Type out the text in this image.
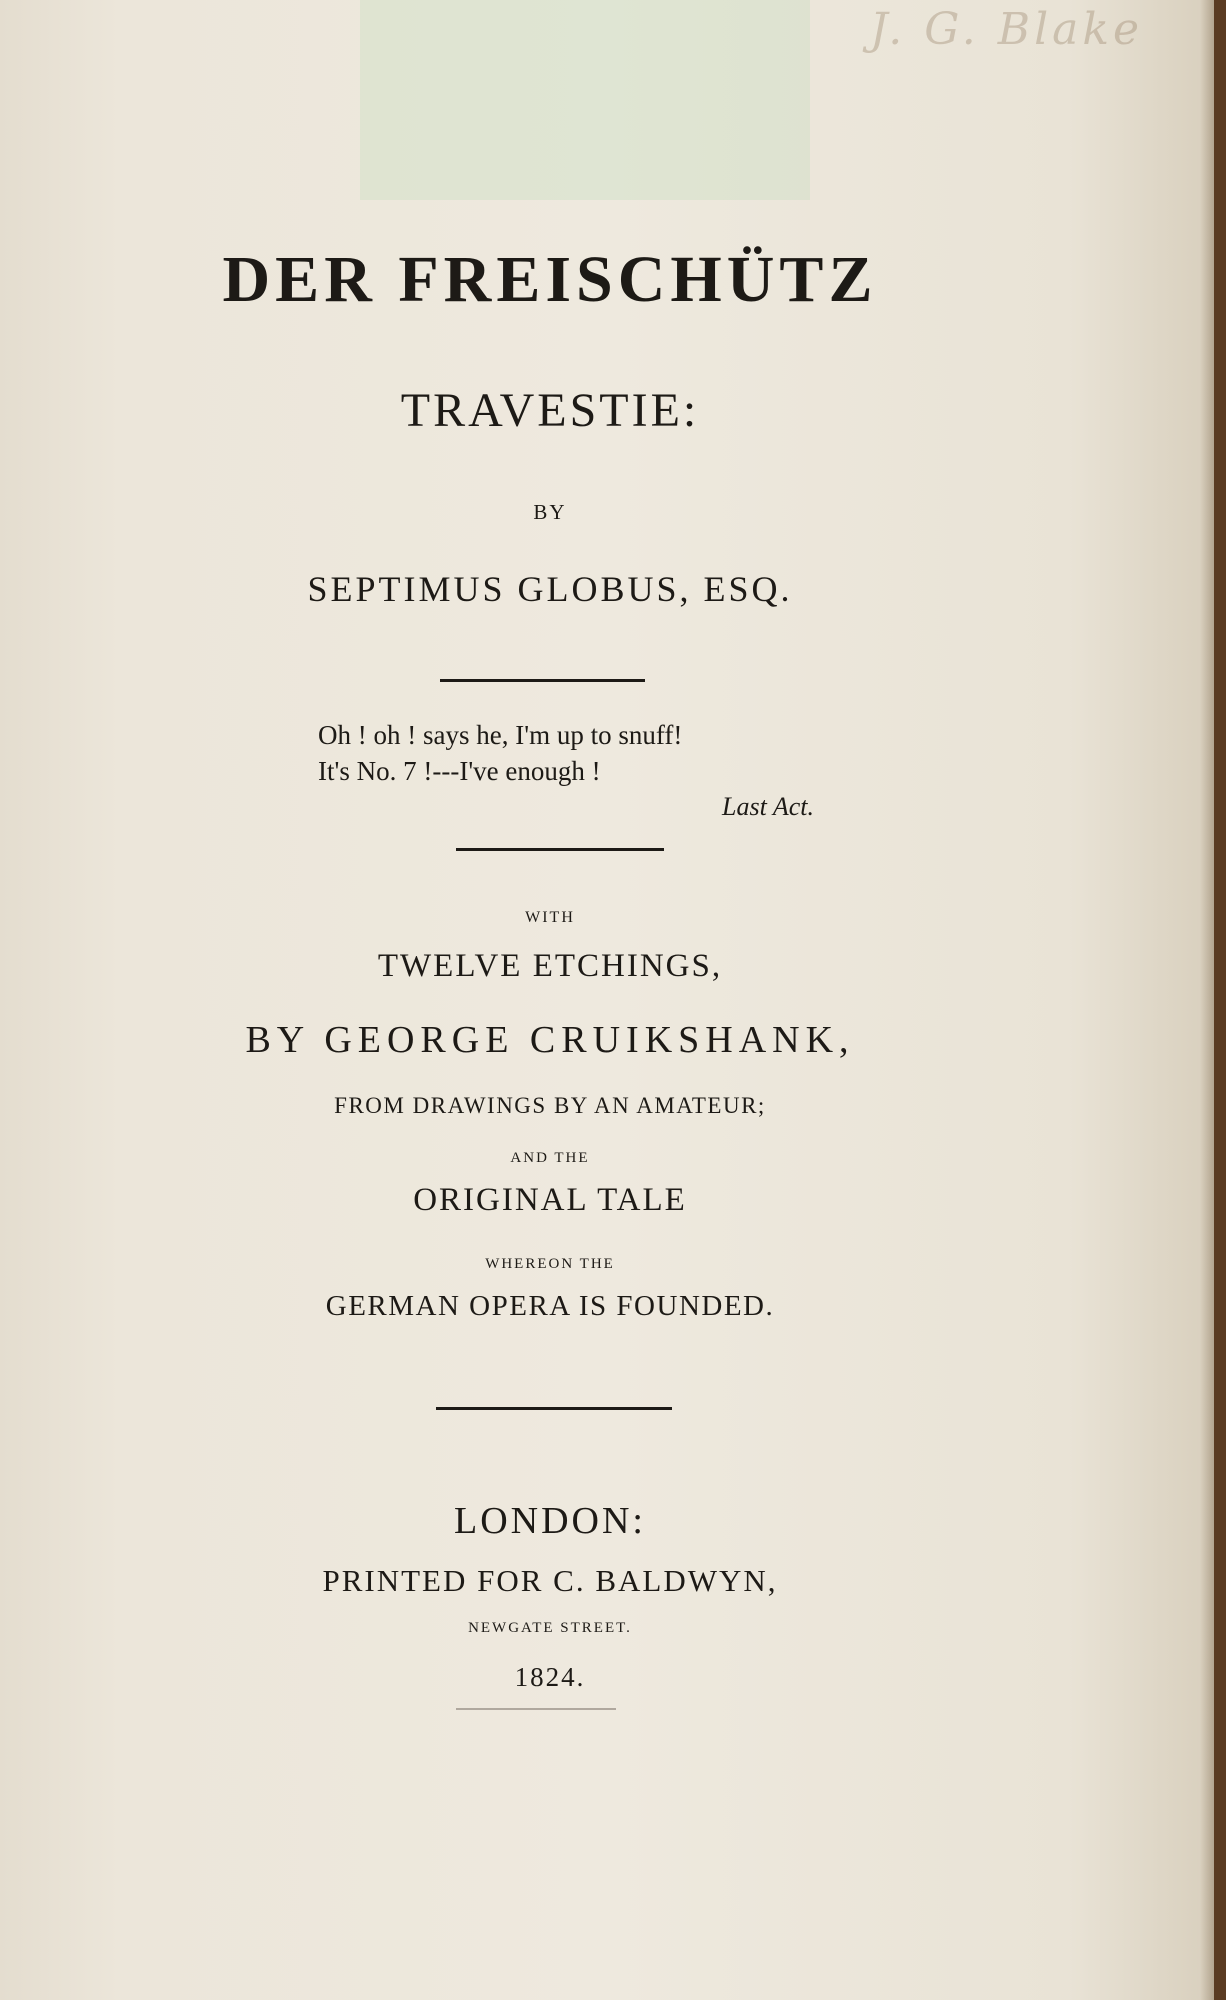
J. G. Blake
DER FREISCHÜTZ
TRAVESTIE:
BY
SEPTIMUS GLOBUS, ESQ.
Oh ! oh ! says he, I'm up to snuff!
It's No. 7 !---I've enough !
Last Act.
WITH
TWELVE ETCHINGS,
BY GEORGE CRUIKSHANK,
FROM DRAWINGS BY AN AMATEUR;
AND THE
ORIGINAL TALE
WHEREON THE
GERMAN OPERA IS FOUNDED.
LONDON:
PRINTED FOR C. BALDWYN,
NEWGATE STREET.
1824.
